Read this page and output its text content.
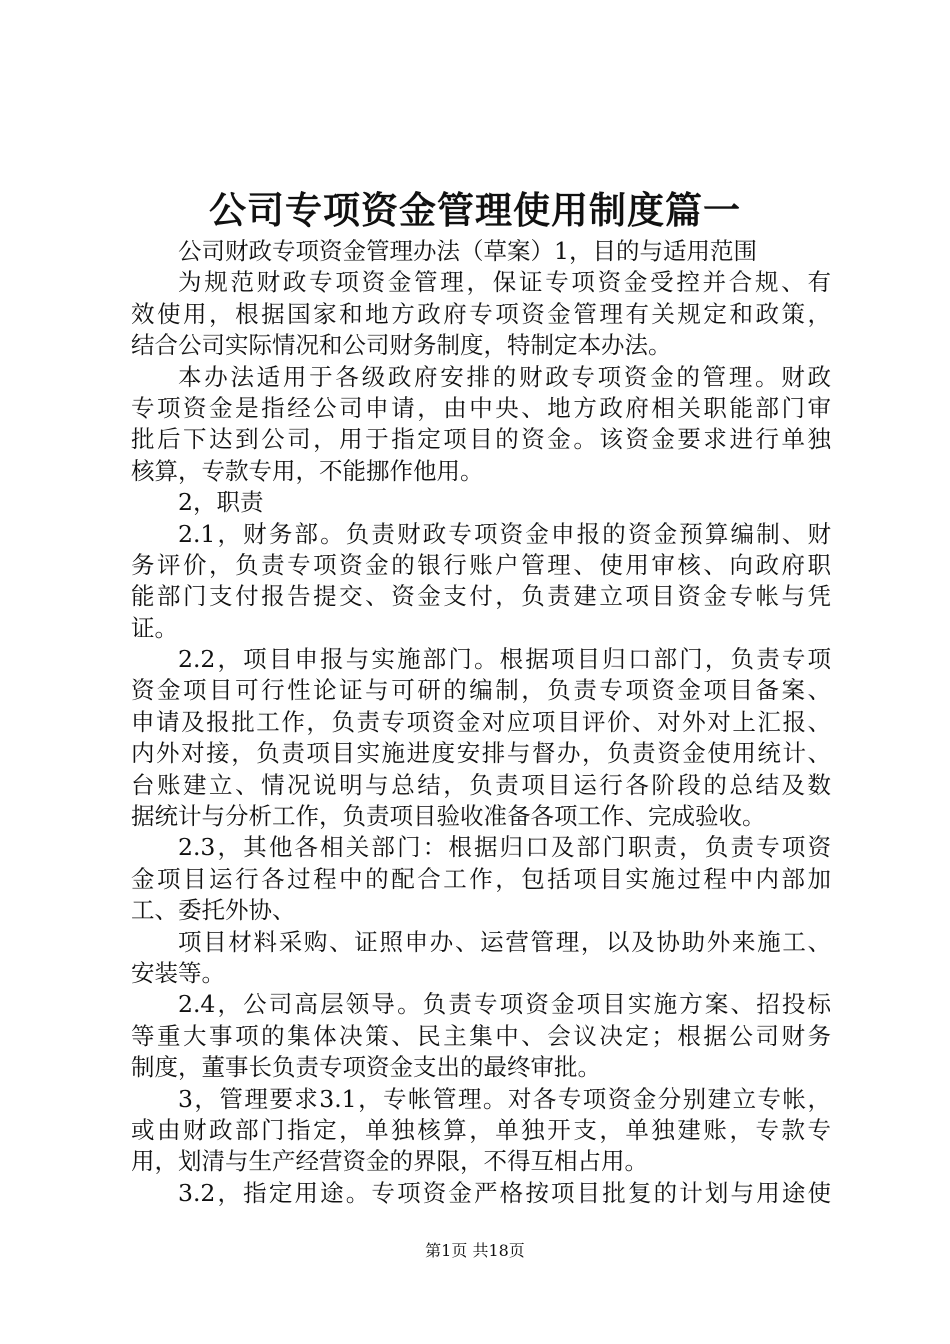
公司专项资金管理使用制度篇一
公司财政专项资金管理办法（草案）1，目的与适用范围
为规范财政专项资金管理，保证专项资金受控并合规、有
效使用，根据国家和地方政府专项资金管理有关规定和政策，
结合公司实际情况和公司财务制度，特制定本办法。
本办法适用于各级政府安排的财政专项资金的管理。财政
专项资金是指经公司申请，由中央、地方政府相关职能部门审
批后下达到公司，用于指定项目的资金。该资金要求进行单独
核算，专款专用，不能挪作他用。
2，职责
2.1，财务部。负责财政专项资金申报的资金预算编制、财
务评价，负责专项资金的银行账户管理、使用审核、向政府职
能部门支付报告提交、资金支付，负责建立项目资金专帐与凭
证。
2.2，项目申报与实施部门。根据项目归口部门，负责专项
资金项目可行性论证与可研的编制，负责专项资金项目备案、
申请及报批工作，负责专项资金对应项目评价、对外对上汇报、
内外对接，负责项目实施进度安排与督办，负责资金使用统计、
台账建立、情况说明与总结，负责项目运行各阶段的总结及数
据统计与分析工作，负责项目验收准备各项工作、完成验收。
2.3，其他各相关部门：根据归口及部门职责，负责专项资
金项目运行各过程中的配合工作，包括项目实施过程中内部加
工、委托外协、
项目材料采购、证照申办、运营管理，以及协助外来施工、
安装等。
2.4，公司高层领导。负责专项资金项目实施方案、招投标
等重大事项的集体决策、民主集中、会议决定；根据公司财务
制度，董事长负责专项资金支出的最终审批。
3，管理要求3.1，专帐管理。对各专项资金分别建立专帐，
或由财政部门指定，单独核算，单独开支，单独建账，专款专
用，划清与生产经营资金的界限，不得互相占用。
3.2，指定用途。专项资金严格按项目批复的计划与用途使
第1页 共18页
